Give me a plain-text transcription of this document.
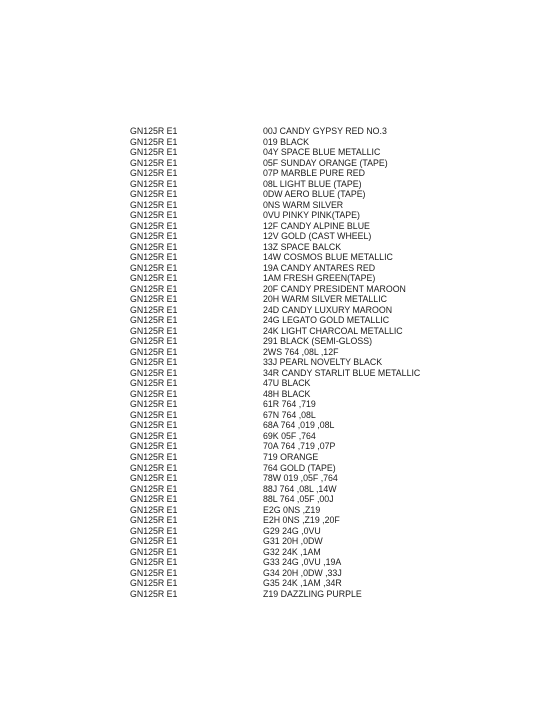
GN125R E1	00J CANDY GYPSY RED NO.3
GN125R E1	019 BLACK
GN125R E1	04Y SPACE BLUE METALLIC
GN125R E1	05F SUNDAY ORANGE (TAPE)
GN125R E1	07P MARBLE PURE RED
GN125R E1	08L LIGHT BLUE (TAPE)
GN125R E1	0DW AERO BLUE (TAPE)
GN125R E1	0NS WARM SILVER
GN125R E1	0VU PINKY PINK(TAPE)
GN125R E1	12F CANDY ALPINE BLUE
GN125R E1	12V GOLD (CAST WHEEL)
GN125R E1	13Z SPACE BALCK
GN125R E1	14W COSMOS BLUE METALLIC
GN125R E1	19A CANDY ANTARES RED
GN125R E1	1AM FRESH GREEN(TAPE)
GN125R E1	20F CANDY PRESIDENT MAROON
GN125R E1	20H WARM SILVER METALLIC
GN125R E1	24D CANDY LUXURY MAROON
GN125R E1	24G LEGATO GOLD METALLIC
GN125R E1	24K LIGHT CHARCOAL METALLIC
GN125R E1	291 BLACK (SEMI-GLOSS)
GN125R E1	2WS 764 ,08L ,12F
GN125R E1	33J PEARL NOVELTY BLACK
GN125R E1	34R CANDY STARLIT BLUE METALLIC
GN125R E1	47U BLACK
GN125R E1	48H BLACK
GN125R E1	61R 764 ,719
GN125R E1	67N 764 ,08L
GN125R E1	68A 764 ,019 ,08L
GN125R E1	69K 05F ,764
GN125R E1	70A 764 ,719 ,07P
GN125R E1	719 ORANGE
GN125R E1	764 GOLD (TAPE)
GN125R E1	78W 019 ,05F ,764
GN125R E1	88J 764 ,08L ,14W
GN125R E1	88L 764 ,05F ,00J
GN125R E1	E2G 0NS ,Z19
GN125R E1	E2H 0NS ,Z19 ,20F
GN125R E1	G29 24G ,0VU
GN125R E1	G31 20H ,0DW
GN125R E1	G32 24K ,1AM
GN125R E1	G33 24G ,0VU ,19A
GN125R E1	G34 20H ,0DW ,33J
GN125R E1	G35 24K ,1AM ,34R
GN125R E1	Z19 DAZZLING PURPLE
